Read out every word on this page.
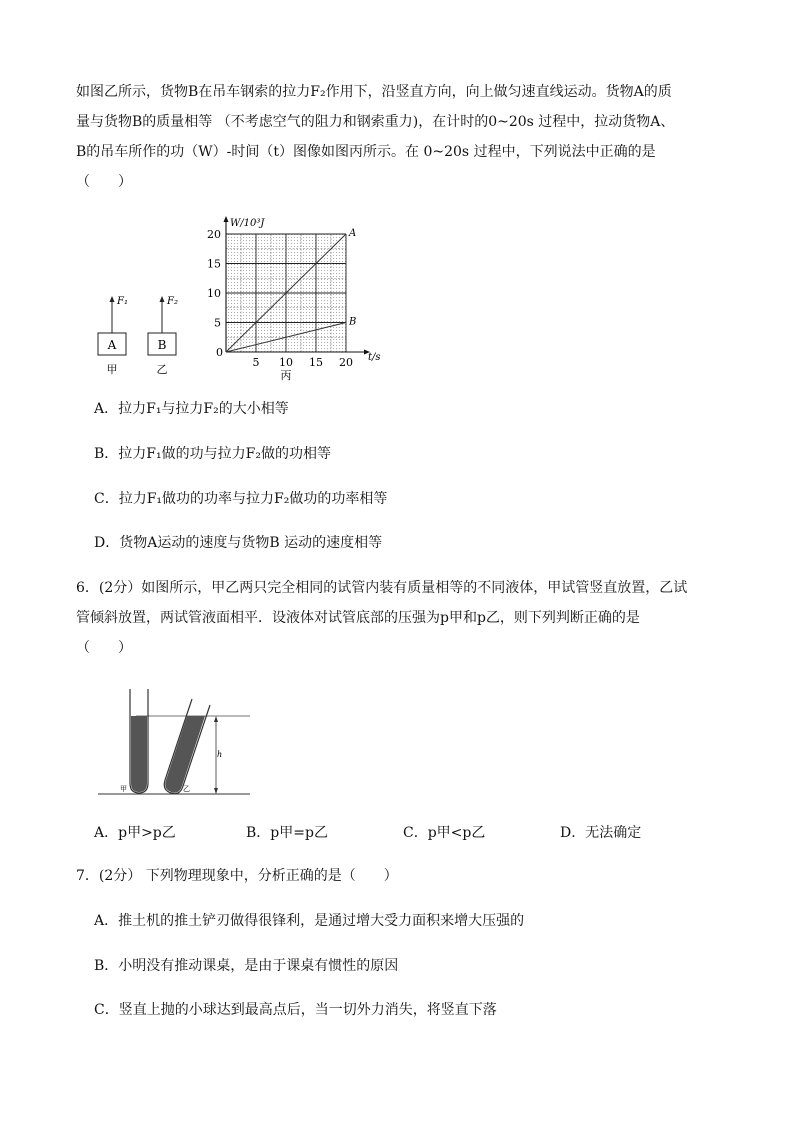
如图乙所示，货物B在吊车钢索的拉力F₂作用下，沿竖直方向，向上做匀速直线运动。货物A的质
量与货物B的质量相等 （不考虑空气的阻力和钢索重力)，在计时的0~20s 过程中，拉动货物A、
B的吊车所作的功（W）-时间（t）图像如图丙所示。在 0~20s 过程中，下列说法中正确的是
（　　）
A
F₁
甲
B
F₂
乙
W/10³J
t/s
0
5
10
15
20
5 10 15 20
A
B
丙
A．拉力F₁与拉力F₂的大小相等
B．拉力F₁做的功与拉力F₂做的功相等
C．拉力F₁做功的功率与拉力F₂做功的功率相等
D．货物A运动的速度与货物B 运动的速度相等
6．(2分）如图所示，甲乙两只完全相同的试管内装有质量相等的不同液体，甲试管竖直放置，乙试
管倾斜放置，两试管液面相平．设液体对试管底部的压强为p甲和p乙，则下列判断正确的是
（　　）
h
甲	乙
A．p甲>p乙	B．p甲=p乙	C．p甲<p乙	D．无法确定
7．(2分） 下列物理现象中，分析正确的是（　　）
A．推土机的推土铲刃做得很锋利，是通过增大受力面积来增大压强的
B．小明没有推动课桌，是由于课桌有惯性的原因
C．竖直上抛的小球达到最高点后，当一切外力消失，将竖直下落
